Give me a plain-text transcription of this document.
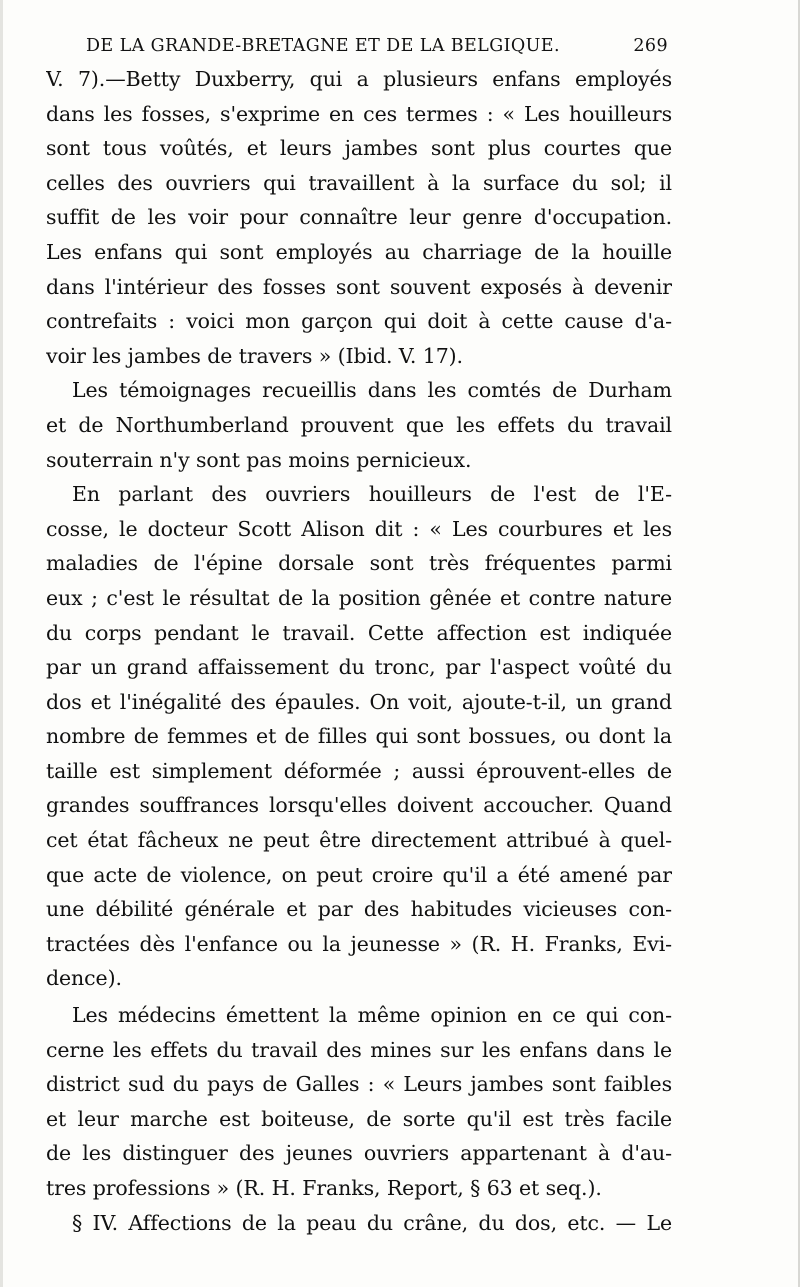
DE LA GRANDE-BRETAGNE ET DE LA BELGIQUE.	269
V. 7).—Betty Duxberry, qui a plusieurs enfans employés
dans les fosses, s'exprime en ces termes : « Les houilleurs
sont tous voûtés, et leurs jambes sont plus courtes que
celles des ouvriers qui travaillent à la surface du sol; il
suffit de les voir pour connaître leur genre d'occupation.
Les enfans qui sont employés au charriage de la houille
dans l'intérieur des fosses sont souvent exposés à devenir
contrefaits : voici mon garçon qui doit à cette cause d'a-
voir les jambes de travers » (Ibid. V. 17).
Les témoignages recueillis dans les comtés de Durham
et de Northumberland prouvent que les effets du travail
souterrain n'y sont pas moins pernicieux.
En parlant des ouvriers houilleurs de l'est de l'E-
cosse, le docteur Scott Alison dit : « Les courbures et les
maladies de l'épine dorsale sont très fréquentes parmi
eux ; c'est le résultat de la position gênée et contre nature
du corps pendant le travail. Cette affection est indiquée
par un grand affaissement du tronc, par l'aspect voûté du
dos et l'inégalité des épaules. On voit, ajoute-t-il, un grand
nombre de femmes et de filles qui sont bossues, ou dont la
taille est simplement déformée ; aussi éprouvent-elles de
grandes souffrances lorsqu'elles doivent accoucher. Quand
cet état fâcheux ne peut être directement attribué à quel-
que acte de violence, on peut croire qu'il a été amené par
une débilité générale et par des habitudes vicieuses con-
tractées dès l'enfance ou la jeunesse » (R. H. Franks, Evi-
dence).
Les médecins émettent la même opinion en ce qui con-
cerne les effets du travail des mines sur les enfans dans le
district sud du pays de Galles : « Leurs jambes sont faibles
et leur marche est boiteuse, de sorte qu'il est très facile
de les distinguer des jeunes ouvriers appartenant à d'au-
tres professions » (R. H. Franks, Report, § 63 et seq.).
§ IV. Affections de la peau du crâne, du dos, etc. — Le
